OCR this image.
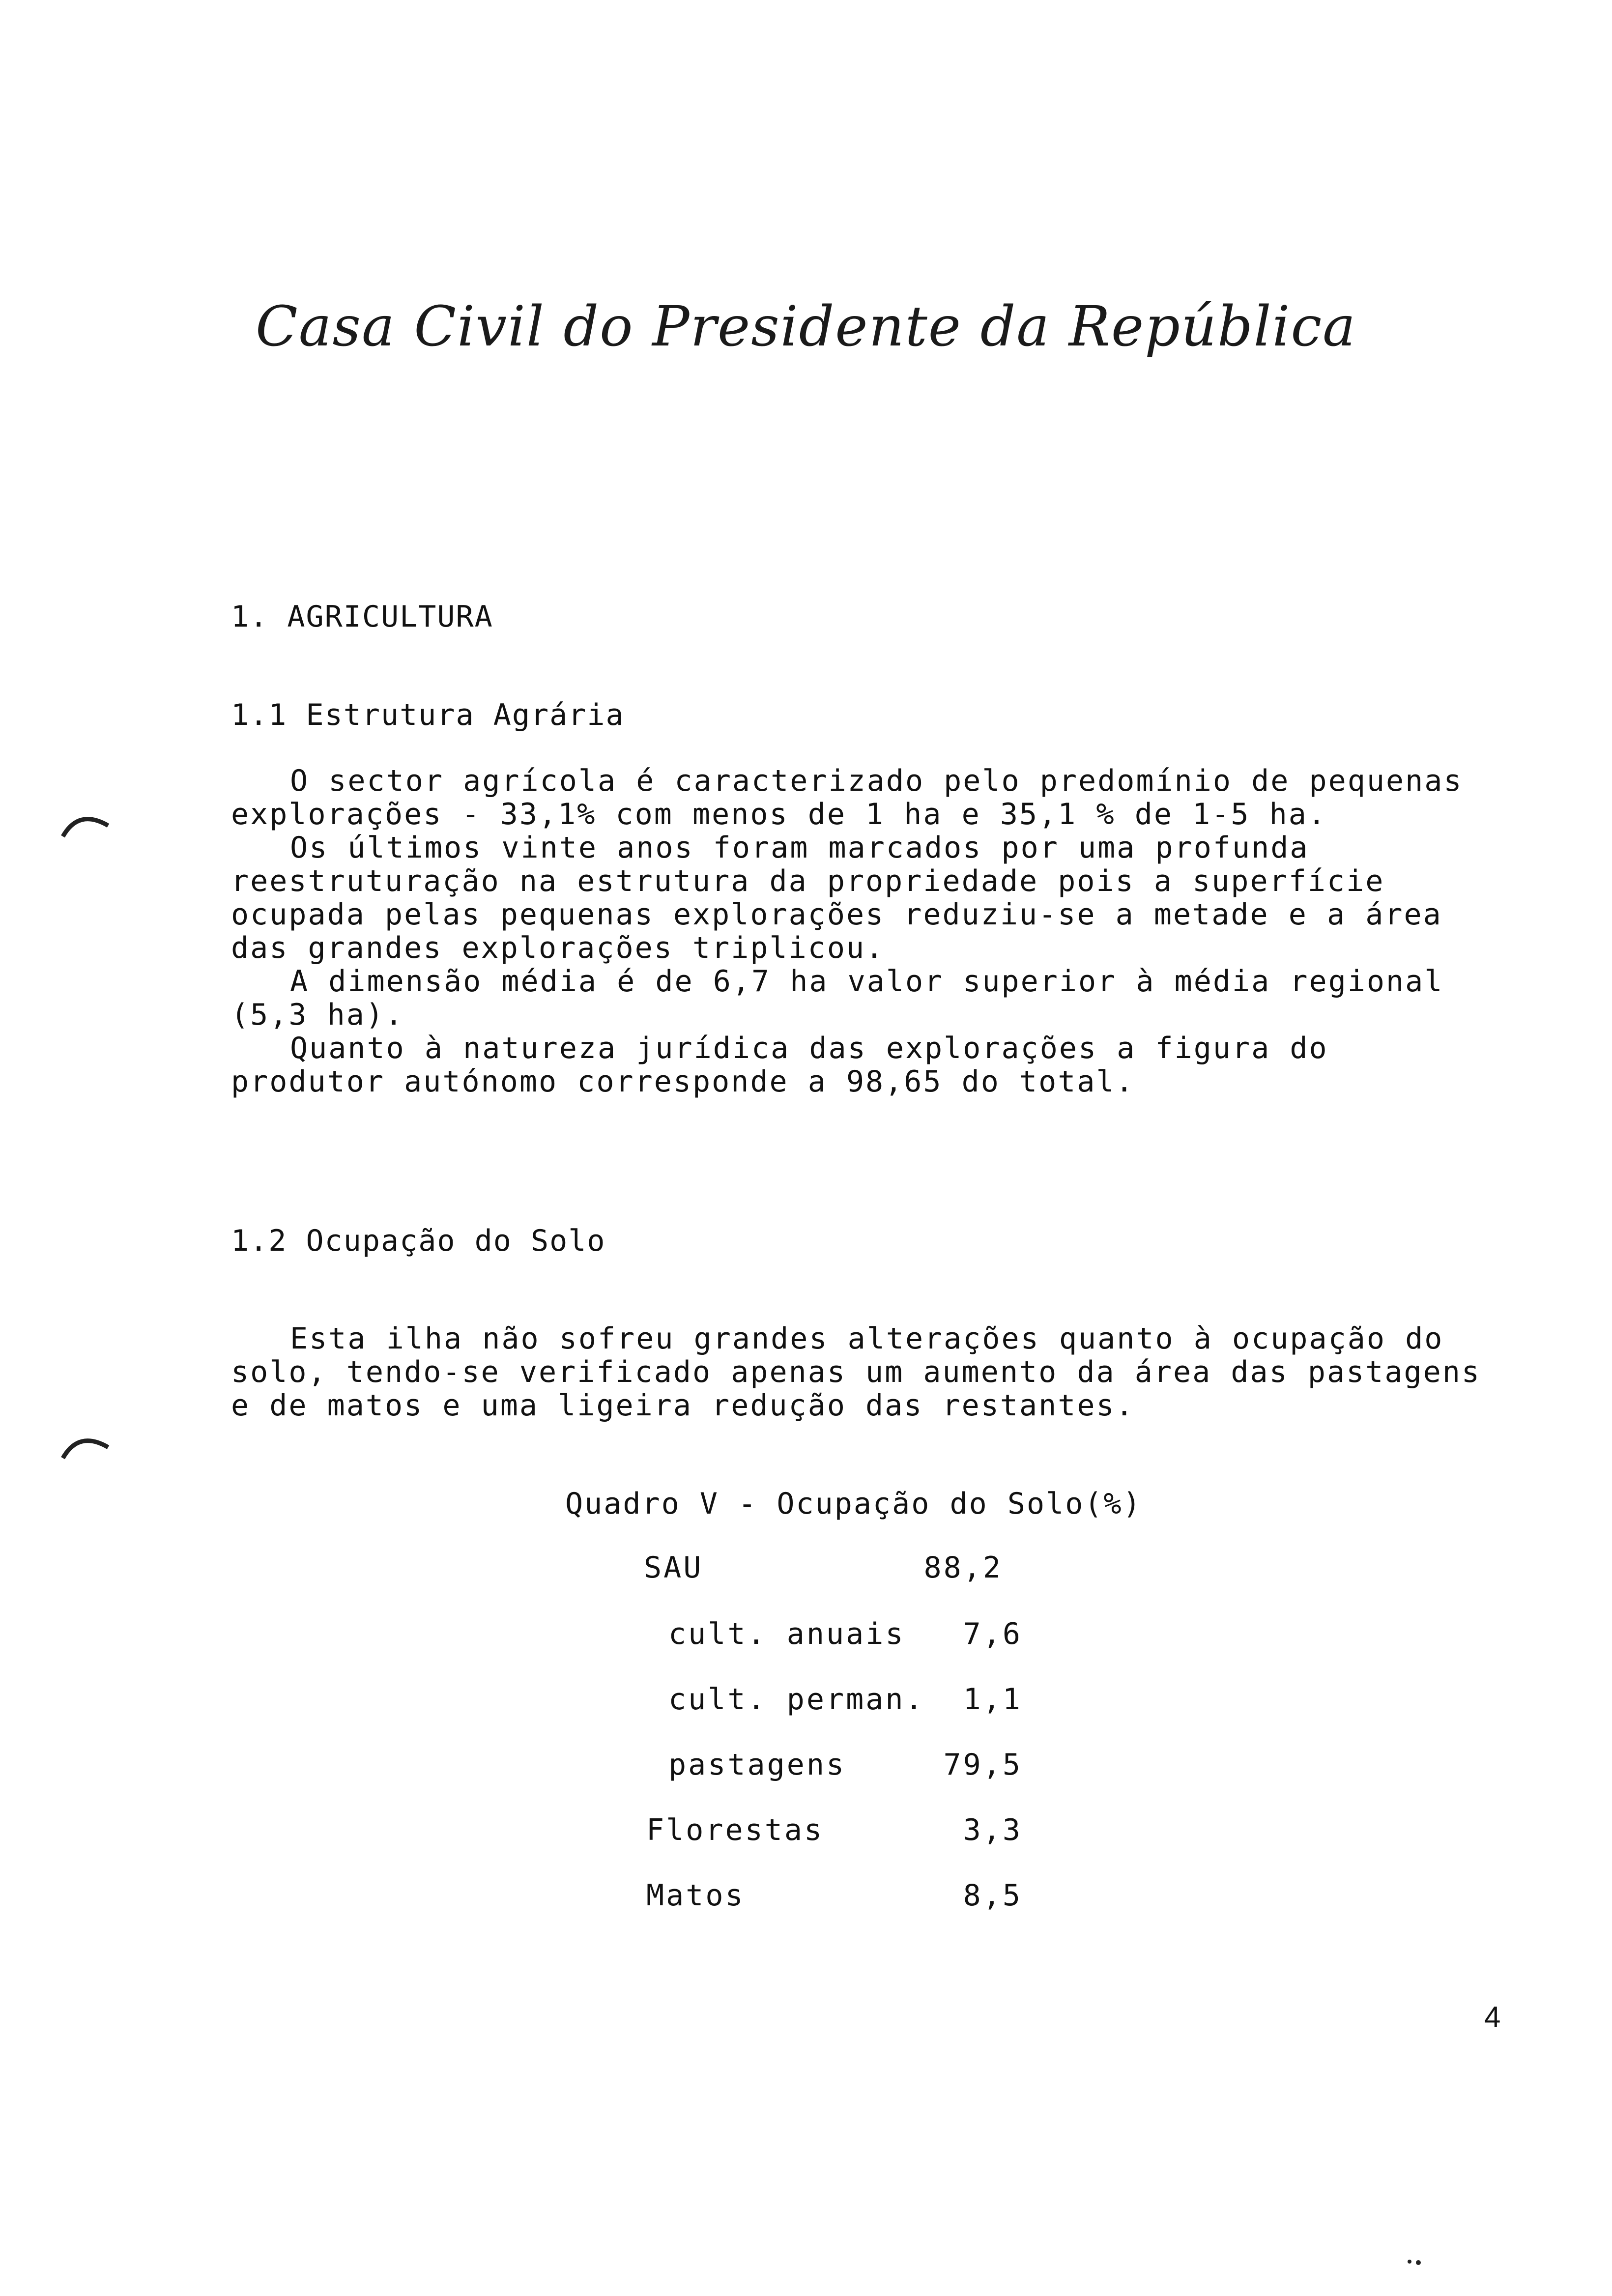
Casa Civil do Presidente da República
1. AGRICULTURA
1.1 Estrutura Agrária

O sector agrícola é caracterizado pelo predomínio de pequenas

explorações - 33,1% com menos de 1 ha e 35,1 % de 1-5 ha.

Os últimos vinte anos foram marcados por uma profunda

reestruturação na estrutura da propriedade pois a superfície

ocupada pelas pequenas explorações reduziu-se a metade e a área

das grandes explorações triplicou.

A dimensão média é de 6,7 ha valor superior à média regional

(5,3 ha).

Quanto à natureza jurídica das explorações a figura do

produtor autónomo corresponde a 98,65 do total.

1.2 Ocupação do Solo

Esta ilha não sofreu grandes alterações quanto à ocupação do

solo, tendo-se verificado apenas um aumento da área das pastagens

e de matos e uma ligeira redução das restantes.

Quadro V - Ocupação do Solo(%)
SAU	88,2
cult. anuais 7,6
cult. perman. 1,1
pastagens	79,5
Florestas	3,3
Matos	8,5
4
